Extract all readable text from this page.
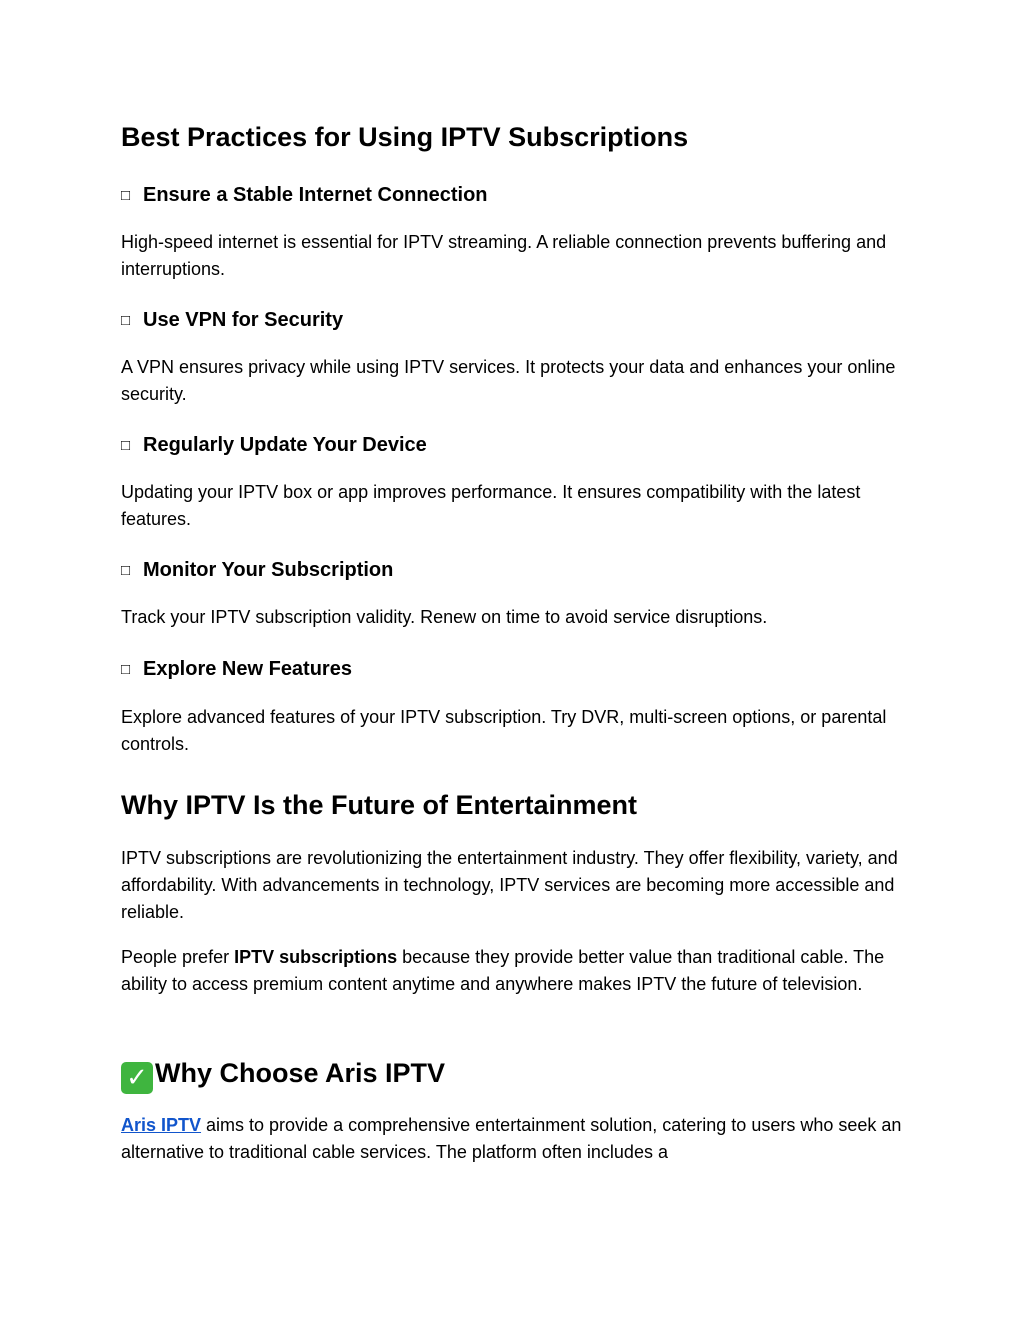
Best Practices for Using IPTV Subscriptions
□ Ensure a Stable Internet Connection

High-speed internet is essential for IPTV streaming. A reliable connection prevents buffering and interruptions.

□ Use VPN for Security

A VPN ensures privacy while using IPTV services. It protects your data and enhances your online security.

□ Regularly Update Your Device

Updating your IPTV box or app improves performance. It ensures compatibility with the latest features.

□ Monitor Your Subscription

Track your IPTV subscription validity. Renew on time to avoid service disruptions.

□ Explore New Features

Explore advanced features of your IPTV subscription. Try DVR, multi-screen options, or parental controls.

Why IPTV Is the Future of Entertainment

IPTV subscriptions are revolutionizing the entertainment industry. They offer flexibility, variety, and affordability. With advancements in technology, IPTV services are becoming more accessible and reliable.

People prefer IPTV subscriptions because they provide better value than traditional cable. The ability to access premium content anytime and anywhere makes IPTV the future of television.

✓ Why Choose Aris IPTV

Aris IPTV aims to provide a comprehensive entertainment solution, catering to users who seek an alternative to traditional cable services. The platform often includes a
